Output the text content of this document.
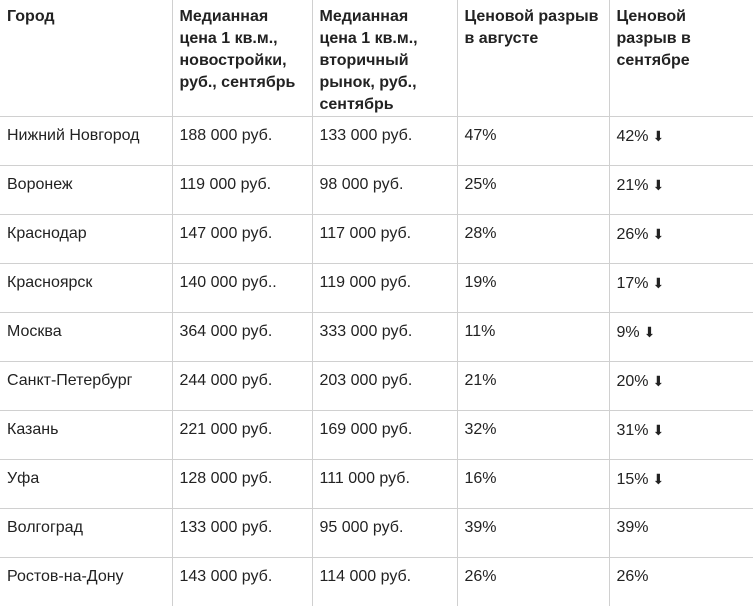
Город	Медианная цена 1 кв.м., новостройки, руб., сентябрь	Медианная цена 1 кв.м., вторичный рынок, руб., сентябрь	Ценовой разрыв в августе	Ценовой разрыв в сентябре
Нижний Новгород	188 000 руб.	133 000 руб.	47%	42% ⬇
Воронеж	119 000 руб.	98 000 руб.	25%	21% ⬇
Краснодар	147 000 руб.	117 000 руб.	28%	26% ⬇
Красноярск	140 000 руб..	119 000 руб.	19%	17% ⬇
Москва	364 000 руб.	333 000 руб.	11%	9% ⬇
Санкт-Петербург	244 000 руб.	203 000 руб.	21%	20% ⬇
Казань	221 000 руб.	169 000 руб.	32%	31% ⬇
Уфа	128 000 руб.	111 000 руб.	16%	15% ⬇
Волгоград	133 000 руб.	95 000 руб.	39%	39%
Ростов-на-Дону	143 000 руб.	114 000 руб.	26%	26%
